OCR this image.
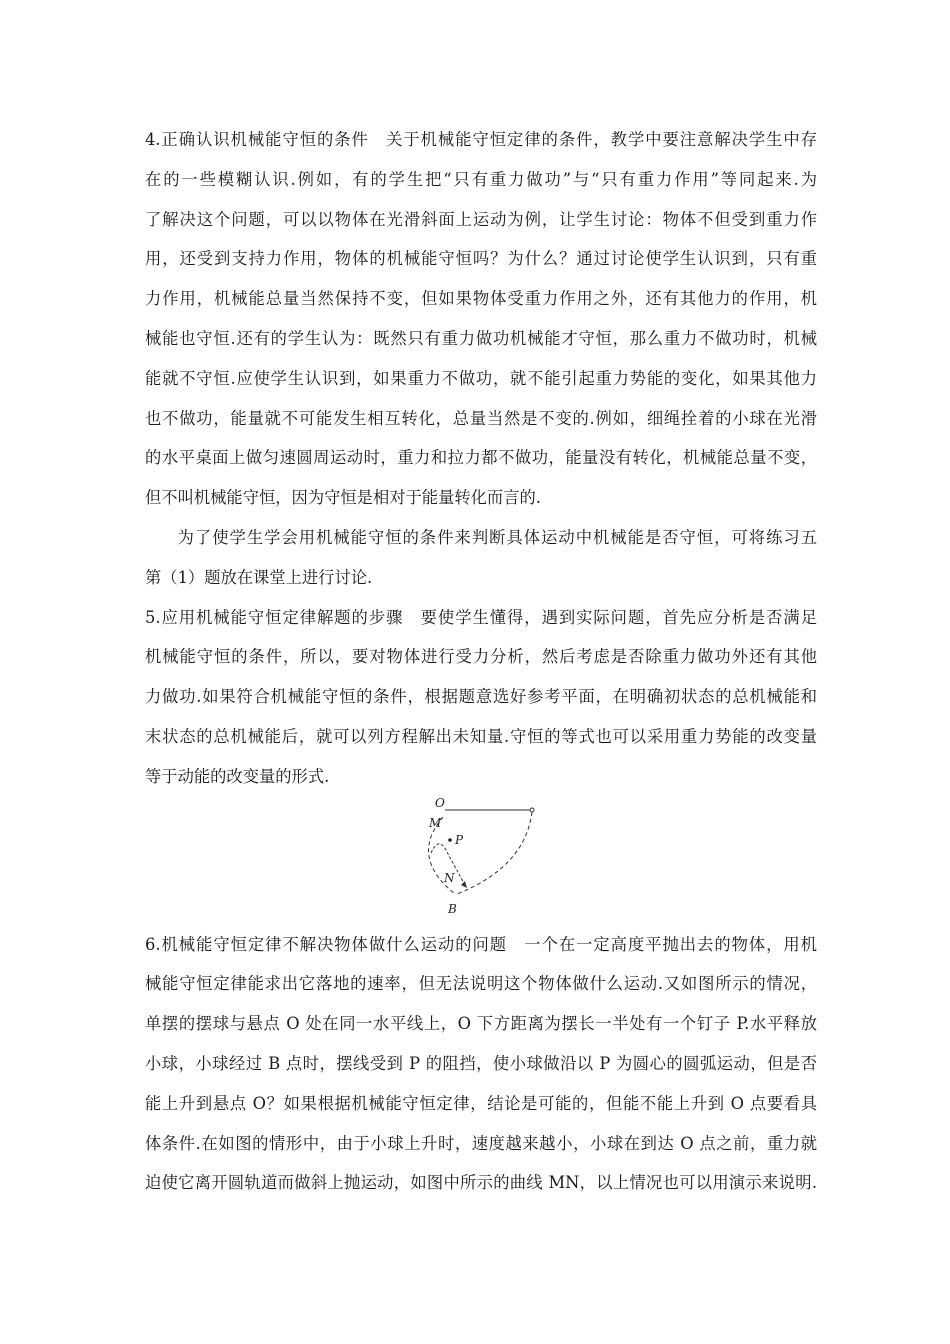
4.正确认识机械能守恒的条件　关于机械能守恒定律的条件，教学中要注意解决学生中存

在的一些模糊认识.例如，有的学生把“只有重力做功”与“只有重力作用”等同起来.为

了解决这个问题，可以以物体在光滑斜面上运动为例，让学生讨论：物体不但受到重力作

用，还受到支持力作用，物体的机械能守恒吗？为什么？通过讨论使学生认识到，只有重

力作用，机械能总量当然保持不变，但如果物体受重力作用之外，还有其他力的作用，机

械能也守恒.还有的学生认为：既然只有重力做功机械能才守恒，那么重力不做功时，机械

能就不守恒.应使学生认识到，如果重力不做功，就不能引起重力势能的变化，如果其他力

也不做功，能量就不可能发生相互转化，总量当然是不变的.例如，细绳拴着的小球在光滑

的水平桌面上做匀速圆周运动时，重力和拉力都不做功，能量没有转化，机械能总量不变，

但不叫机械能守恒，因为守恒是相对于能量转化而言的.

为了使学生学会用机械能守恒的条件来判断具体运动中机械能是否守恒，可将练习五

第（1）题放在课堂上进行讨论.

5.应用机械能守恒定律解题的步骤　要使学生懂得，遇到实际问题，首先应分析是否满足

机械能守恒的条件，所以，要对物体进行受力分析，然后考虑是否除重力做功外还有其他

力做功.如果符合机械能守恒的条件，根据题意选好参考平面，在明确初状态的总机械能和

末状态的总机械能后，就可以列方程解出未知量.守恒的等式也可以采用重力势能的改变量

等于动能的改变量的形式.

O
M
P
N
B

6.机械能守恒定律不解决物体做什么运动的问题　一个在一定高度平抛出去的物体，用机

械能守恒定律能求出它落地的速率，但无法说明这个物体做什么运动.又如图所示的情况，

单摆的摆球与悬点 O 处在同一水平线上，O 下方距离为摆长一半处有一个钉子 P.水平释放

小球，小球经过 B 点时，摆线受到 P 的阻挡，使小球做沿以 P 为圆心的圆弧运动，但是否

能上升到悬点 O？如果根据机械能守恒定律，结论是可能的，但能不能上升到 O 点要看具

体条件.在如图的情形中，由于小球上升时，速度越来越小，小球在到达 O 点之前，重力就

迫使它离开圆轨道而做斜上抛运动，如图中所示的曲线 MN，以上情况也可以用演示来说明.
